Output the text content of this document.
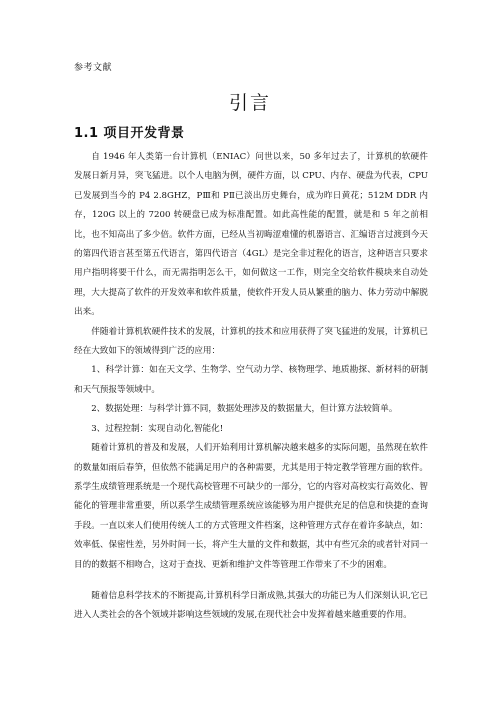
参考文献
引言
1.1 项目开发背景

自 1946 年人类第一台计算机（ENIAC）问世以来，50 多年过去了，计算机的软硬件发展日新月异，突飞猛进。以个人电脑为例，硬件方面，以 CPU、内存、硬盘为代表，CPU 已发展到当今的 P4 2.8GHZ，PⅢ和 PⅡ已淡出历史舞台，成为昨日黄花；512M DDR 内存，120G 以上的 7200 转硬盘已成为标准配置。如此高性能的配置，就是和 5 年之前相比，也不知高出了多少倍。软件方面，已经从当初晦涩难懂的机器语言、汇编语言过渡到今天的第四代语言甚至第五代语言，第四代语言（4GL）是完全非过程化的语言，这种语言只要求用户指明将要干什么，而无需指明怎么干，如何做这一工作，则完全交给软件模块来自动处理，大大提高了软件的开发效率和软件质量，使软件开发人员从繁重的脑力、体力劳动中解脱出来。

伴随着计算机软硬件技术的发展，计算机的技术和应用获得了突飞猛进的发展，计算机已经在大致如下的领域得到广泛的应用：

1、科学计算：如在天文学、生物学、空气动力学、核物理学、地质勘探、新材料的研制和天气预报等领域中。

2、数据处理：与科学计算不同，数据处理涉及的数据量大，但计算方法较简单。

3、过程控制：实现自动化,智能化!

随着计算机的普及和发展，人们开始利用计算机解决越来越多的实际问题，虽然现在软件的数量如雨后春笋，但依然不能满足用户的各种需要，尤其是用于特定教学管理方面的软件。系学生成绩管理系统是一个现代高校管理不可缺少的一部分，它的内容对高校实行高效化、智能化的管理非常重要，所以系学生成绩管理系统应该能够为用户提供充足的信息和快捷的查询手段。一直以来人们使用传统人工的方式管理文件档案，这种管理方式存在着许多缺点，如：效率低、保密性差，另外时间一长，将产生大量的文件和数据，其中有些冗余的或者针对同一目的的数据不相吻合，这对于查找、更新和维护文件等管理工作带来了不少的困难。

随着信息科学技术的不断提高,计算机科学日渐成熟,其强大的功能已为人们深刻认识,它已进入人类社会的各个领域并影响这些领域的发展,在现代社会中发挥着越来越重要的作用。
